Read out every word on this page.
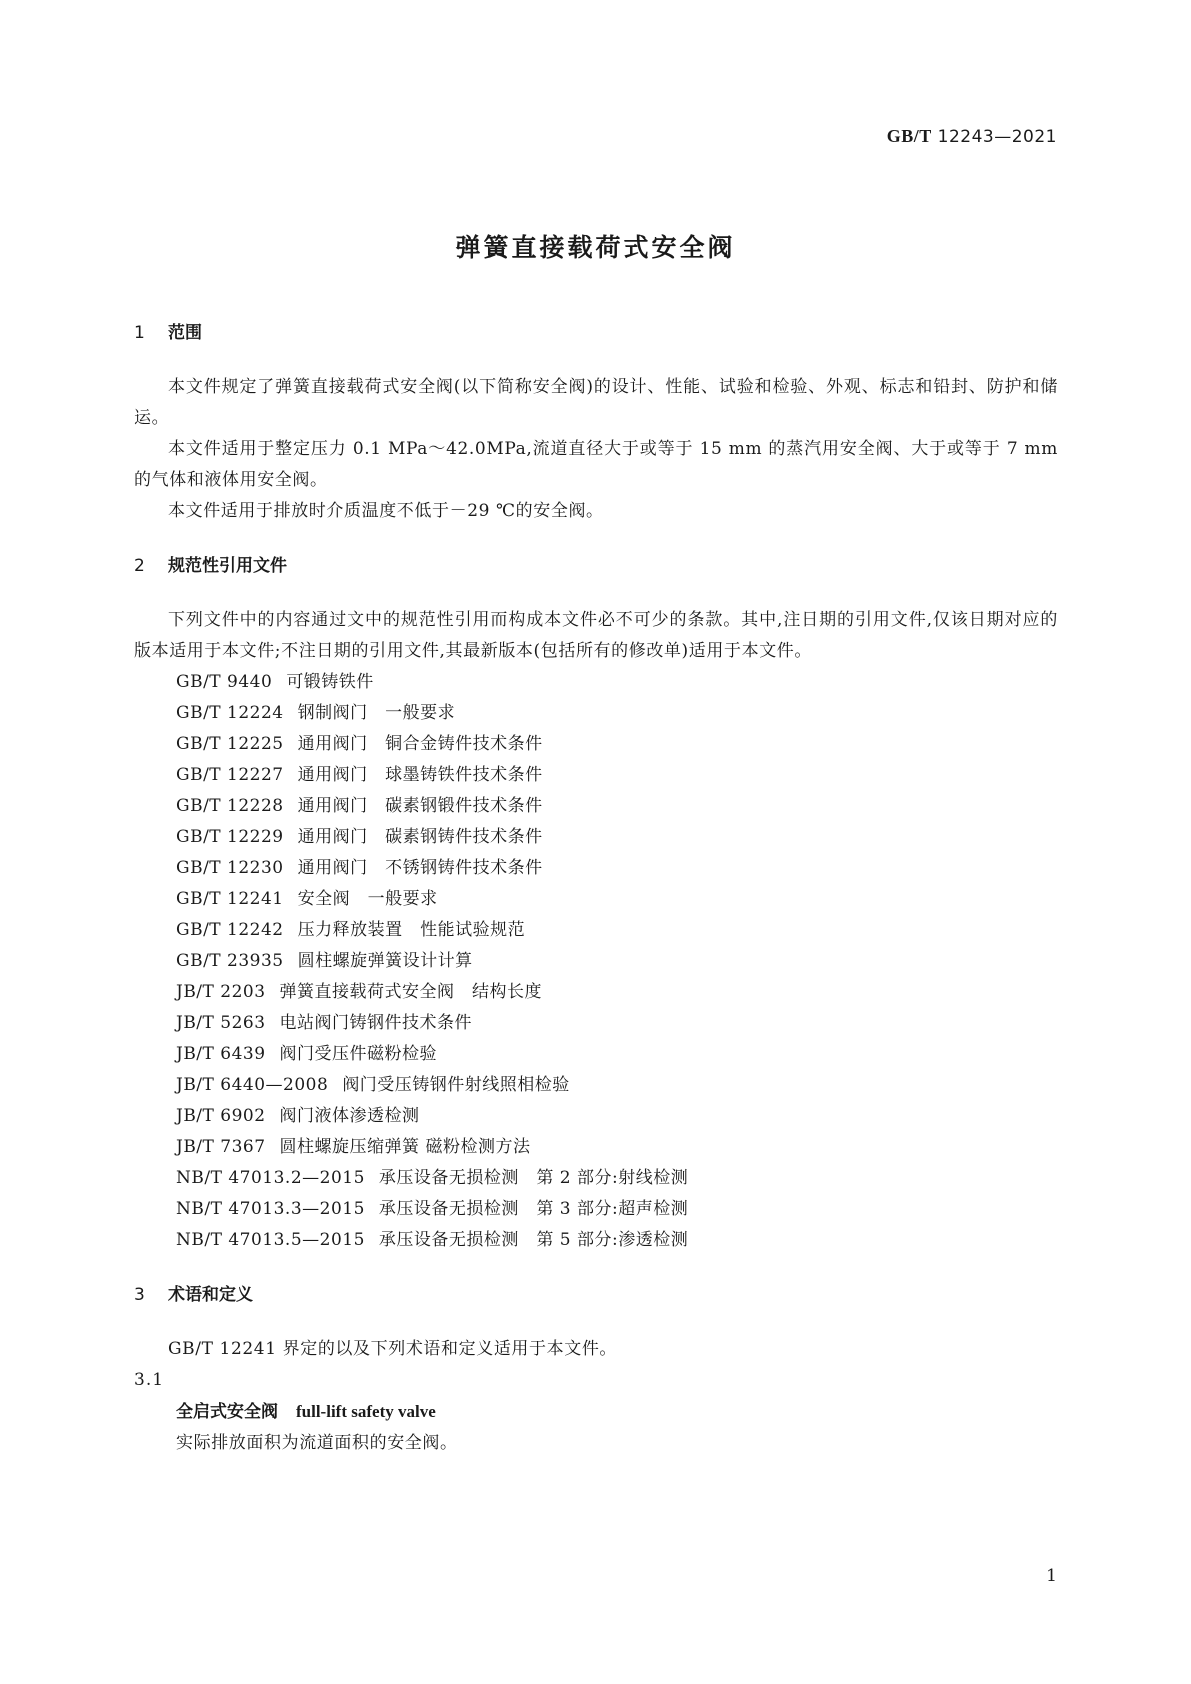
GB/T 12243—2021
弹簧直接载荷式安全阀
1 范围

本文件规定了弹簧直接载荷式安全阀(以下简称安全阀)的设计、性能、试验和检验、外观、标志和铅封、防护和储运。

本文件适用于整定压力 0.1 MPa～42.0MPa,流道直径大于或等于 15 mm 的蒸汽用安全阀、大于或等于 7 mm 的气体和液体用安全阀。

本文件适用于排放时介质温度不低于－29 ℃的安全阀。

2 规范性引用文件

下列文件中的内容通过文中的规范性引用而构成本文件必不可少的条款。其中,注日期的引用文件,仅该日期对应的版本适用于本文件;不注日期的引用文件,其最新版本(包括所有的修改单)适用于本文件。

GB/T 9440 可锻铸铁件
GB/T 12224 钢制阀门　一般要求
GB/T 12225 通用阀门　铜合金铸件技术条件
GB/T 12227 通用阀门　球墨铸铁件技术条件
GB/T 12228 通用阀门　碳素钢锻件技术条件
GB/T 12229 通用阀门　碳素钢铸件技术条件
GB/T 12230 通用阀门　不锈钢铸件技术条件
GB/T 12241 安全阀　一般要求
GB/T 12242 压力释放装置　性能试验规范
GB/T 23935 圆柱螺旋弹簧设计计算
JB/T 2203 弹簧直接载荷式安全阀　结构长度
JB/T 5263 电站阀门铸钢件技术条件
JB/T 6439 阀门受压件磁粉检验
JB/T 6440—2008 阀门受压铸钢件射线照相检验
JB/T 6902 阀门液体渗透检测
JB/T 7367 圆柱螺旋压缩弹簧 磁粉检测方法
NB/T 47013.2—2015 承压设备无损检测　第 2 部分:射线检测
NB/T 47013.3—2015 承压设备无损检测　第 3 部分:超声检测
NB/T 47013.5—2015 承压设备无损检测　第 5 部分:渗透检测
3 术语和定义

GB/T 12241 界定的以及下列术语和定义适用于本文件。

3.1
全启式安全阀 full-lift safety valve
实际排放面积为流道面积的安全阀。
1
